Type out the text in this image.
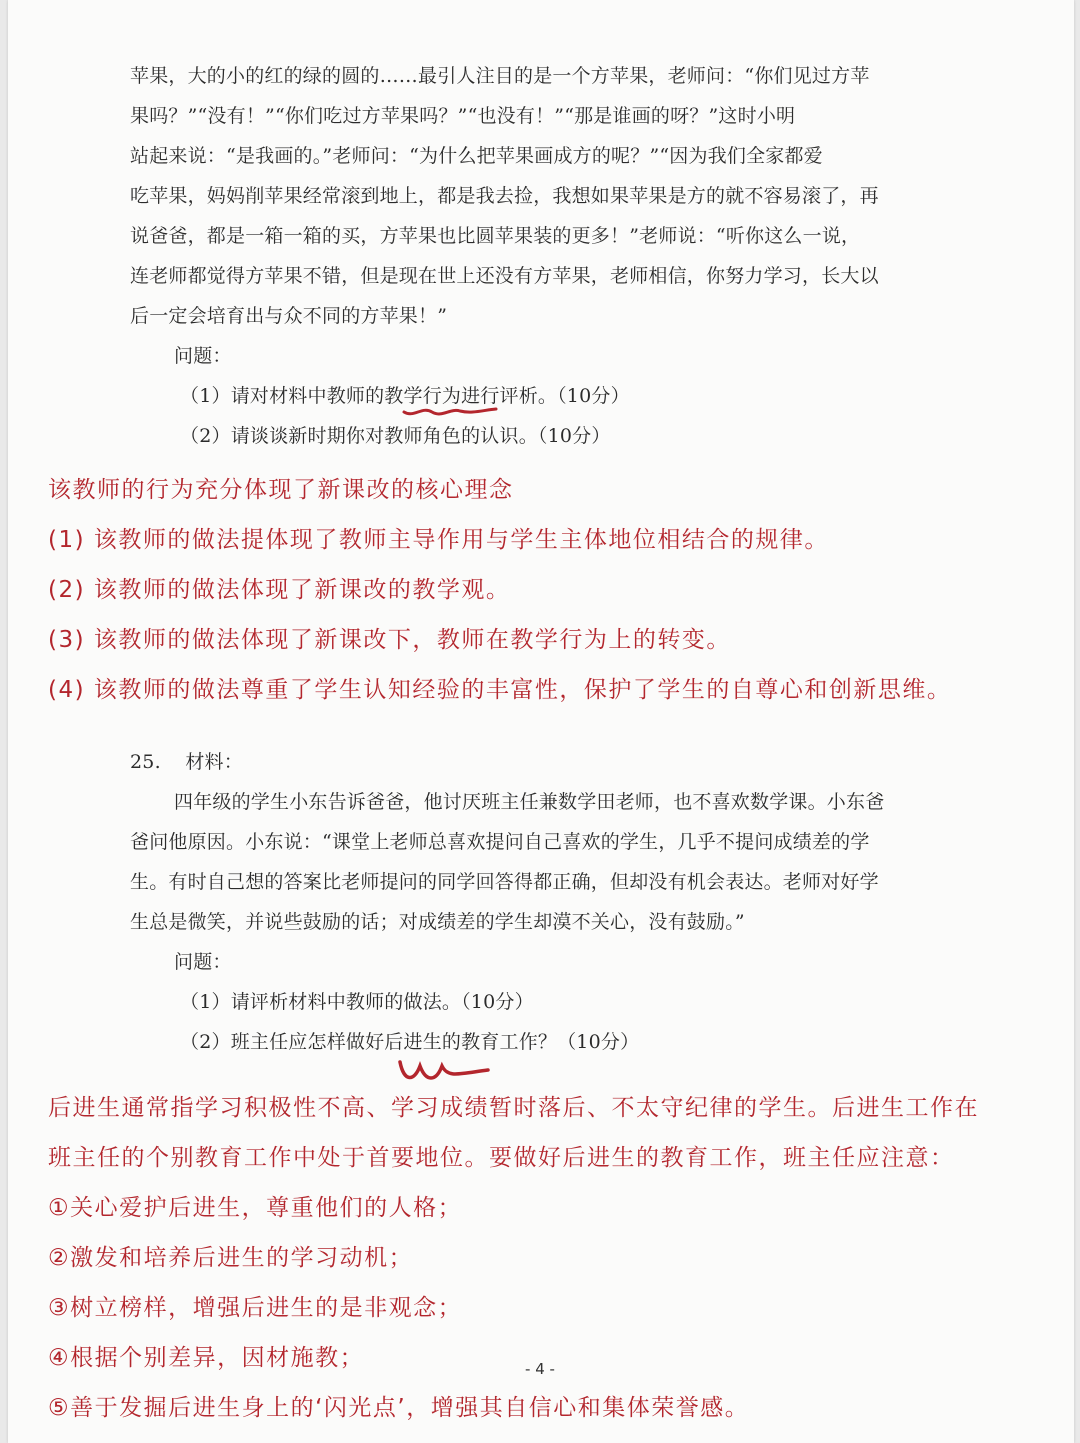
苹果，大的小的红的绿的圆的……最引人注目的是一个方苹果，老师问：“你们见过方苹

果吗？”“没有！”“你们吃过方苹果吗？”“也没有！”“那是谁画的呀？”这时小明

站起来说：“是我画的。”老师问：“为什么把苹果画成方的呢？”“因为我们全家都爱

吃苹果，妈妈削苹果经常滚到地上，都是我去捡，我想如果苹果是方的就不容易滚了，再

说爸爸，都是一箱一箱的买，方苹果也比圆苹果装的更多！”老师说：“听你这么一说，

连老师都觉得方苹果不错，但是现在世上还没有方苹果，老师相信，你努力学习，长大以

后一定会培育出与众不同的方苹果！”

问题：

（1）请对材料中教师的教学行为进行评析。（10分）

（2）请谈谈新时期你对教师角色的认识。（10分）

该教师的行为充分体现了新课改的核心理念

(1) 该教师的做法提体现了教师主导作用与学生主体地位相结合的规律。

(2) 该教师的做法体现了新课改的教学观。

(3) 该教师的做法体现了新课改下，教师在教学行为上的转变。

(4) 该教师的做法尊重了学生认知经验的丰富性，保护了学生的自尊心和创新思维。

25. 材料：

四年级的学生小东告诉爸爸，他讨厌班主任兼数学田老师，也不喜欢数学课。小东爸

爸问他原因。小东说：“课堂上老师总喜欢提问自己喜欢的学生，几乎不提问成绩差的学

生。有时自己想的答案比老师提问的同学回答得都正确，但却没有机会表达。老师对好学

生总是微笑，并说些鼓励的话；对成绩差的学生却漠不关心，没有鼓励。”

问题：

（1）请评析材料中教师的做法。（10分）

（2）班主任应怎样做好后进生的教育工作？（10分）

后进生通常指学习积极性不高、学习成绩暂时落后、不太守纪律的学生。后进生工作在

班主任的个别教育工作中处于首要地位。要做好后进生的教育工作，班主任应注意：

①关心爱护后进生，尊重他们的人格；

②激发和培养后进生的学习动机；

③树立榜样，增强后进生的是非观念；

④根据个别差异，因材施教；

⑤善于发掘后进生身上的‘闪光点’，增强其自信心和集体荣誉感。

- 4 -
